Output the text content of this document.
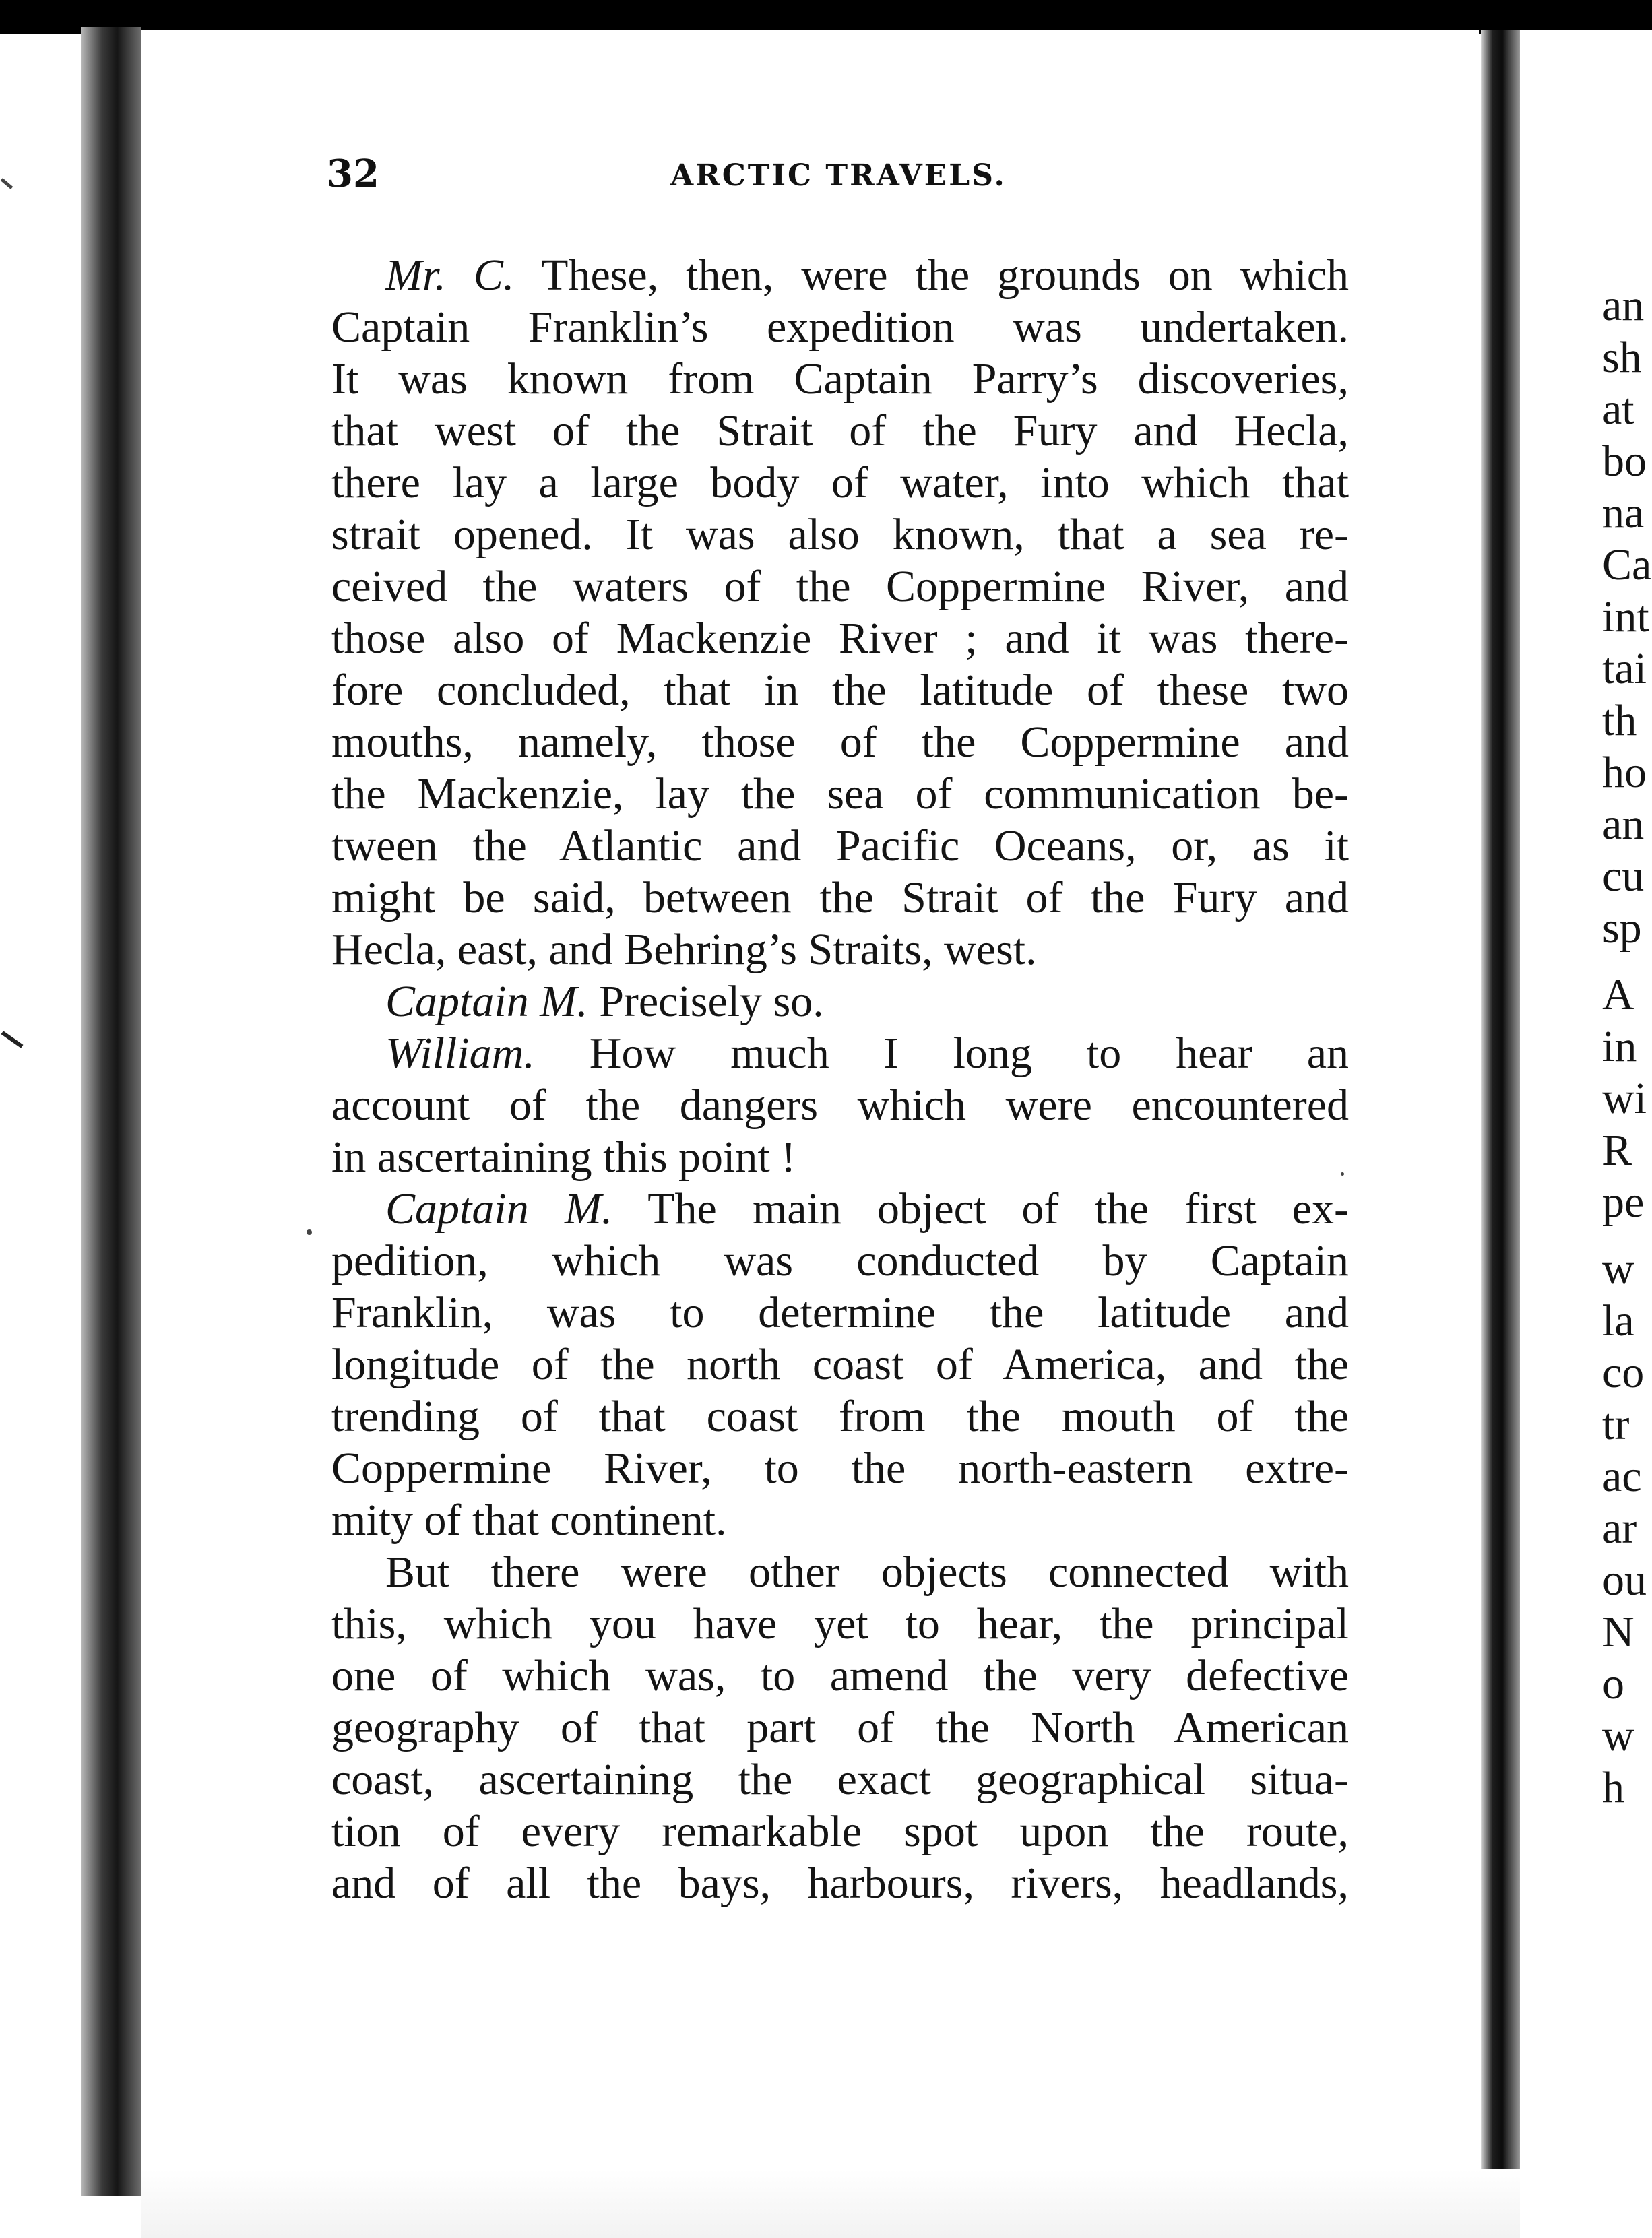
32	ARCTIC TRAVELS.
Mr. C. These, then, were the grounds on which
Captain Franklin’s expedition was undertaken.
It was known from Captain Parry’s discoveries,
that west of the Strait of the Fury and Hecla,
there lay a large body of water, into which that
strait opened. It was also known, that a sea re-
ceived the waters of the Coppermine River, and
those also of Mackenzie River ; and it was there-
fore concluded, that in the latitude of these two
mouths, namely, those of the Coppermine and
the Mackenzie, lay the sea of communication be-
tween the Atlantic and Pacific Oceans, or, as it
might be said, between the Strait of the Fury and
Hecla, east, and Behring’s Straits, west.
Captain M. Precisely so.
William. How much I long to hear an
account of the dangers which were encountered
in ascertaining this point !
Captain M. The main object of the first ex-
pedition, which was conducted by Captain
Franklin, was to determine the latitude and
longitude of the north coast of America, and the
trending of that coast from the mouth of the
Coppermine River, to the north-eastern extre-
mity of that continent.
But there were other objects connected with
this, which you have yet to hear, the principal
one of which was, to amend the very defective
geography of that part of the North American
coast, ascertaining the exact geographical situa-
tion of every remarkable spot upon the route,
and of all the bays, harbours, rivers, headlands,
an
sh
at
bo
na
Ca
int
tai
th
ho
an
cu
sp
A
in
wi
R
pe
w
la
co
tr
ac
ar
ou
N
o
w
h
